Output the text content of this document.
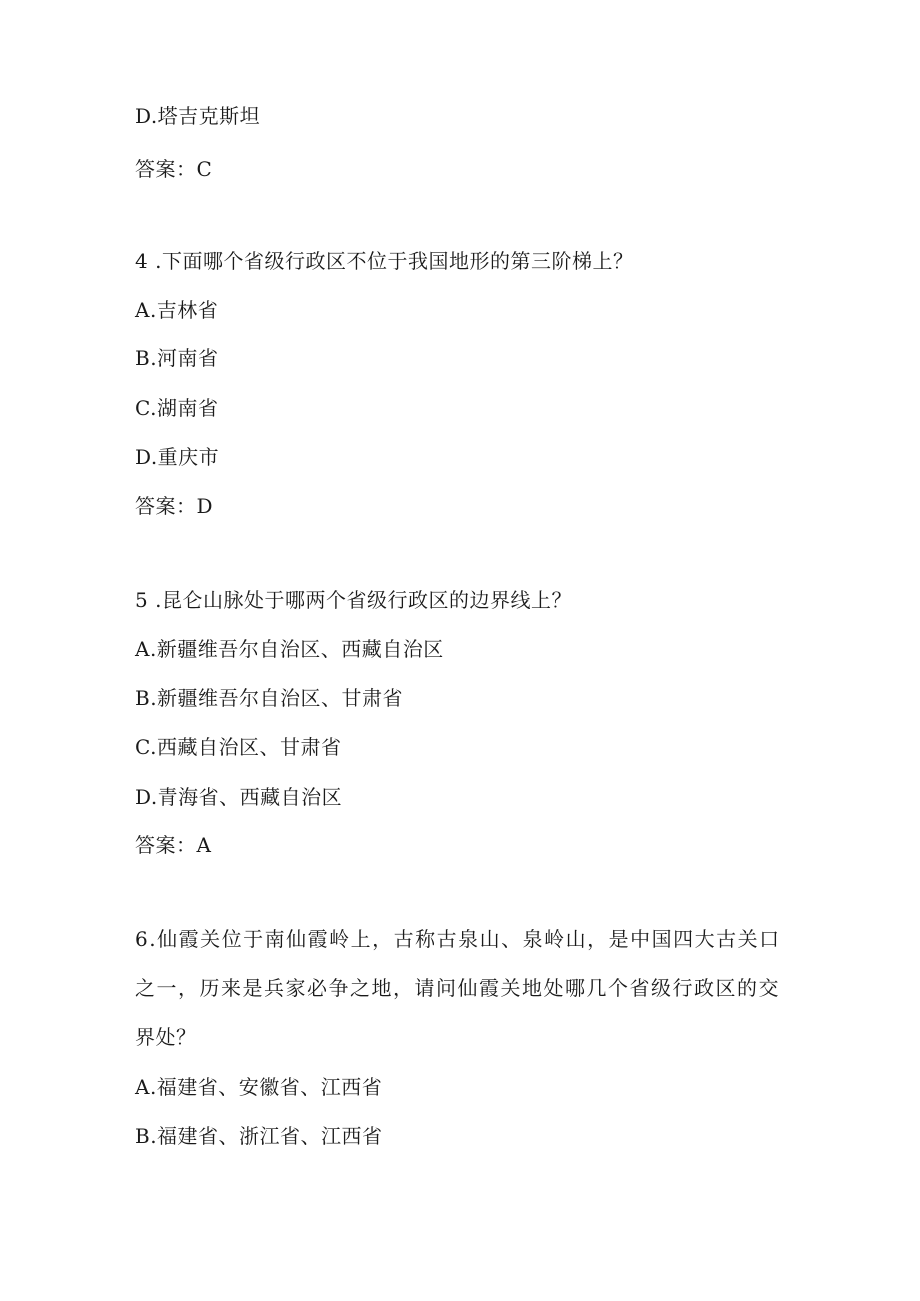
D.塔吉克斯坦
答案：C
4 .下面哪个省级行政区不位于我国地形的第三阶梯上？
A.吉林省
B.河南省
C.湖南省
D.重庆市
答案：D
5 .昆仑山脉处于哪两个省级行政区的边界线上？
A.新疆维吾尔自治区、西藏自治区
B.新疆维吾尔自治区、甘肃省
C.西藏自治区、甘肃省
D.青海省、西藏自治区
答案：A
6.仙霞关位于南仙霞岭上，古称古泉山、泉岭山，是中国四大古关口
之一，历来是兵家必争之地，请问仙霞关地处哪几个省级行政区的交
界处？
A.福建省、安徽省、江西省
B.福建省、浙江省、江西省
